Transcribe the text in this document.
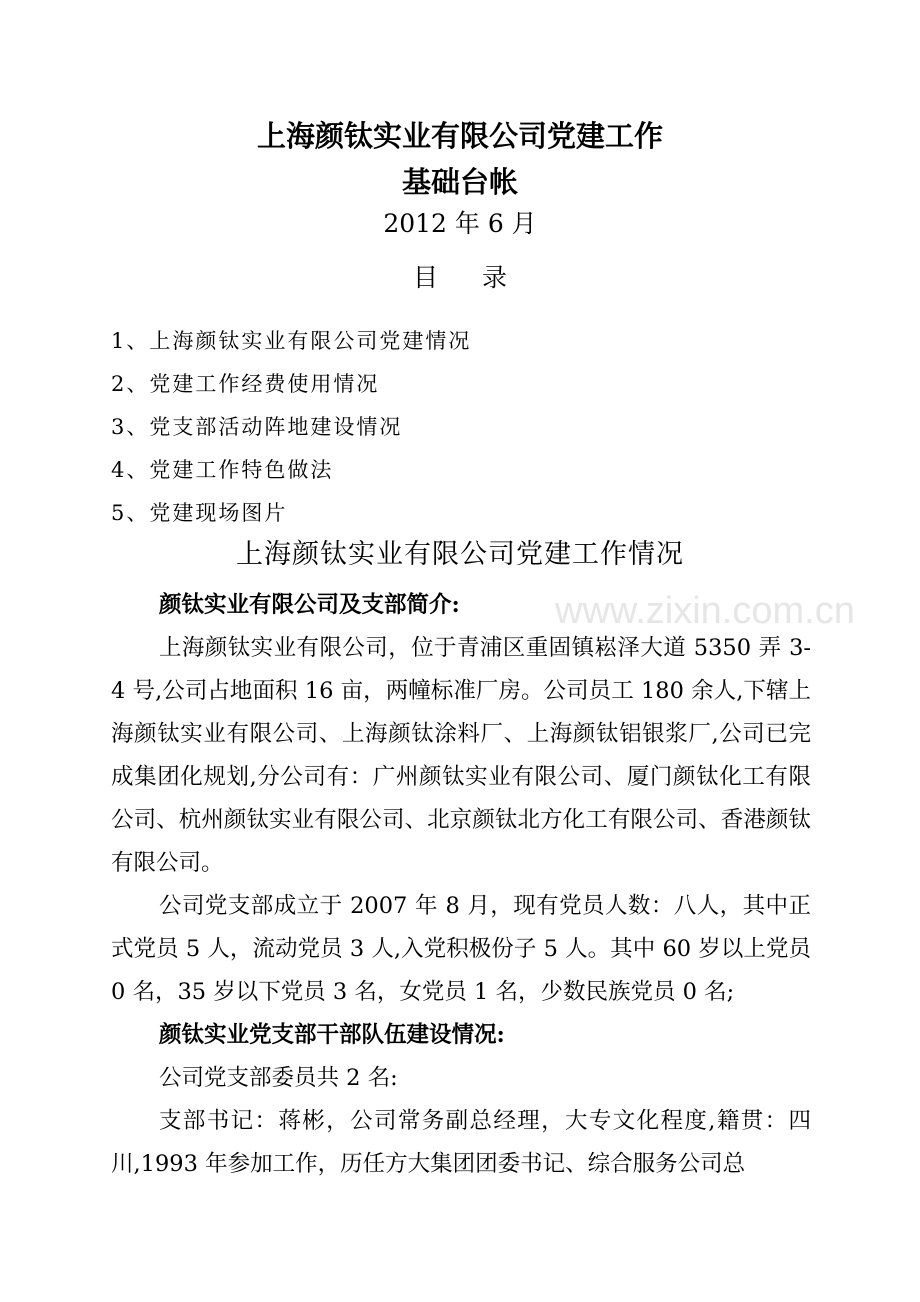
上海颜钛实业有限公司党建工作
基础台帐
2012 年 6 月
目录
1、上海颜钛实业有限公司党建情况
2、党建工作经费使用情况
3、党支部活动阵地建设情况
4、党建工作特色做法
5、党建现场图片
上海颜钛实业有限公司党建工作情况
www.zixin.com.cn

颜钛实业有限公司及支部简介:

上海颜钛实业有限公司，位于青浦区重固镇崧泽大道 5350 弄 3-4 号,公司占地面积 16 亩，两幢标准厂房。公司员工 180 余人,下辖上海颜钛实业有限公司、上海颜钛涂料厂、上海颜钛铝银浆厂,公司已完成集团化规划,分公司有：广州颜钛实业有限公司、厦门颜钛化工有限公司、杭州颜钛实业有限公司、北京颜钛北方化工有限公司、香港颜钛有限公司。

公司党支部成立于 2007 年 8 月，现有党员人数：八人，其中正式党员 5 人，流动党员 3 人,入党积极份子 5 人。其中 60 岁以上党员 0 名，35 岁以下党员 3 名，女党员 1 名，少数民族党员 0 名;

颜钛实业党支部干部队伍建设情况:

公司党支部委员共 2 名:

支部书记：蒋彬，公司常务副总经理，大专文化程度,籍贯：四川,1993 年参加工作，历任方大集团团委书记、综合服务公司总
